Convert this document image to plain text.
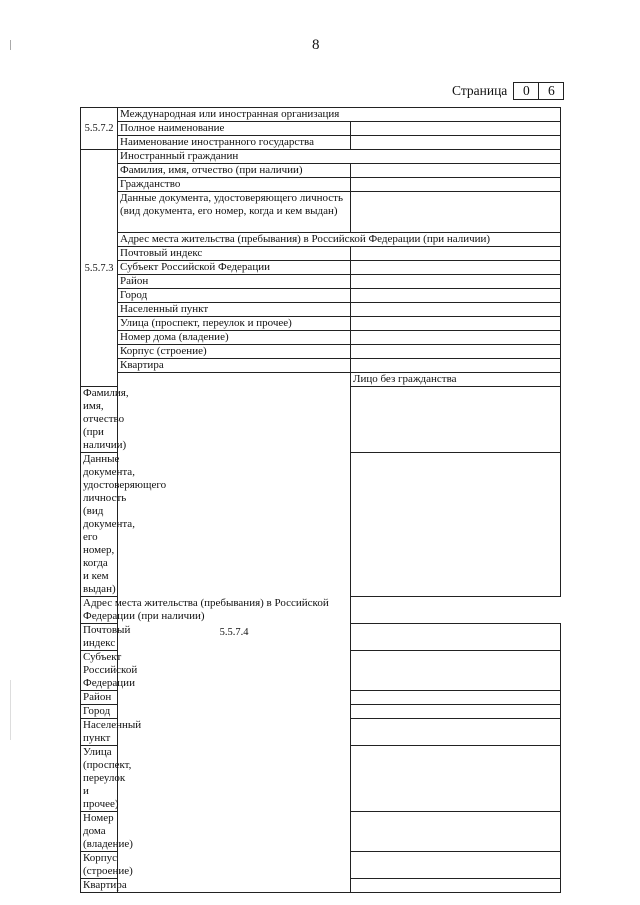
8
Страница	0	6
5.5.7.2	Международная или иностранная организация	
	Полное наименование	
	Наименование иностранного государства	
5.5.7.3	Иностранный гражданин	
	Фамилия, имя, отчество (при наличии)	
	Гражданство	
	Данные документа, удостоверяющего личность (вид документа, его номер, когда и кем выдан)	
	Адрес места жительства (пребывания) в Российской Федерации (при наличии)	
	Почтовый индекс	
	Субъект Российской Федерации	
	Район	
	Город	
	Населенный пункт	
	Улица (проспект, переулок и прочее)	
	Номер дома (владение)	
	Корпус (строение)	
	Квартира	
	5.5.7.4	Лицо без гражданства
Фамилия, имя, отчество (при наличии)		
Данные документа, удостоверяющего личность (вид документа, его номер, когда и кем выдан)		
Адрес места жительства (пребывания) в Российской Федерации (при наличии)		
Почтовый индекс		
Субъект Российской Федерации		
Район		
Город		
Населенный пункт		
Улица (проспект, переулок и прочее)		
Номер дома (владение)		
Корпус (строение)		
Квартира		
